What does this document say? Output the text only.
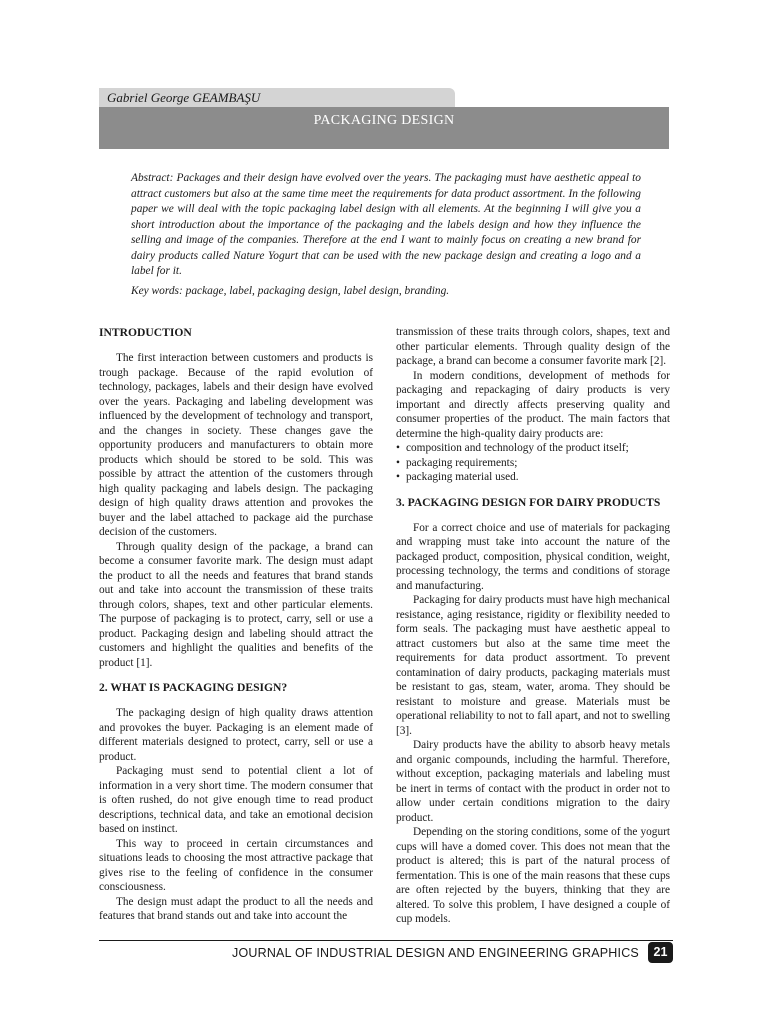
Gabriel George GEAMBAŞU
PACKAGING DESIGN

Abstract: Packages and their design have evolved over the years. The packaging must have aesthetic appeal to attract customers but also at the same time meet the requirements for data product assortment. In the following paper we will deal with the topic packaging label design with all elements. At the beginning I will give you a short introduction about the importance of the packaging and the labels design and how they influence the selling and image of the companies. Therefore at the end I want to mainly focus on creating a new brand for dairy products called Nature Yogurt that can be used with the new package design and creating a logo and a label for it.

Key words: package, label, packaging design, label design, branding.

INTRODUCTION

The first interaction between customers and products is trough package. Because of the rapid evolution of technology, packages, labels and their design have evolved over the years. Packaging and labeling development was influenced by the development of technology and transport, and the changes in society. These changes gave the opportunity producers and manufacturers to obtain more products which should be stored to be sold. This was possible by attract the attention of the customers through high quality packaging and labels design. The packaging design of high quality draws attention and provokes the buyer and the label attached to package aid the purchase decision of the customers.

Through quality design of the package, a brand can become a consumer favorite mark. The design must adapt the product to all the needs and features that brand stands out and take into account the transmission of these traits through colors, shapes, text and other particular elements. The purpose of packaging is to protect, carry, sell or use a product. Packaging design and labeling should attract the customers and highlight the qualities and benefits of the product [1].

2. WHAT IS PACKAGING DESIGN?

The packaging design of high quality draws attention and provokes the buyer. Packaging is an element made of different materials designed to protect, carry, sell or use a product.

Packaging must send to potential client a lot of information in a very short time. The modern consumer that is often rushed, do not give enough time to read product descriptions, technical data, and take an emotional decision based on instinct.

This way to proceed in certain circumstances and situations leads to choosing the most attractive package that gives rise to the feeling of confidence in the consumer consciousness.

The design must adapt the product to all the needs and features that brand stands out and take into account the

transmission of these traits through colors, shapes, text and other particular elements. Through quality design of the package, a brand can become a consumer favorite mark [2].

In modern conditions, development of methods for packaging and repackaging of dairy products is very important and directly affects preserving quality and consumer properties of the product. The main factors that determine the high-quality dairy products are:

• composition and technology of the product itself;
• packaging requirements;
• packaging material used.
3. PACKAGING DESIGN FOR DAIRY PRODUCTS

For a correct choice and use of materials for packaging and wrapping must take into account the nature of the packaged product, composition, physical condition, weight, processing technology, the terms and conditions of storage and manufacturing.

Packaging for dairy products must have high mechanical resistance, aging resistance, rigidity or flexibility needed to form seals. The packaging must have aesthetic appeal to attract customers but also at the same time meet the requirements for data product assortment. To prevent contamination of dairy products, packaging materials must be resistant to gas, steam, water, aroma. They should be resistant to moisture and grease. Materials must be operational reliability to not to fall apart, and not to swelling [3].

Dairy products have the ability to absorb heavy metals and organic compounds, including the harmful. Therefore, without exception, packaging materials and labeling must be inert in terms of contact with the product in order not to allow under certain conditions migration to the dairy product.

Depending on the storing conditions, some of the yogurt cups will have a domed cover. This does not mean that the product is altered; this is part of the natural process of fermentation. This is one of the main reasons that these cups are often rejected by the buyers, thinking that they are altered. To solve this problem, I have designed a couple of cup models.

JOURNAL OF INDUSTRIAL DESIGN AND ENGINEERING GRAPHICS	21
